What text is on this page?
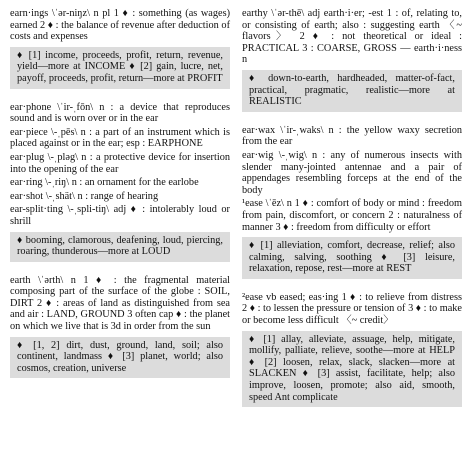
earn·ings \ˈər-niŋz\ n pl 1 ♦ : something (as wages) earned 2 ♦ : the balance of revenue after deduction of costs and expenses
♦ [1] income, proceeds, profit, return, revenue, yield—more at INCOME ♦ [2] gain, lucre, net, payoff, proceeds, profit, return—more at PROFIT
ear·phone \ˈir-ˌfōn\ n : a device that reproduces sound and is worn over or in the ear
ear·piece \-ˌpēs\ n : a part of an instrument which is placed against or in the ear; esp : EARPHONE
ear·plug \-ˌpləg\ n : a protective device for insertion into the opening of the ear
ear·ring \-ˌriŋ\ n : an ornament for the earlobe
ear·shot \-ˌshät\ n : range of hearing
ear-split·ting \-ˌspli-tiŋ\ adj ♦ : intolerably loud or shrill
♦ booming, clamorous, deafening, loud, piercing, roaring, thunderous—more at LOUD
earth \ˈərth\ n 1 ♦ : the fragmental material composing part of the surface of the globe : SOIL, DIRT 2 ♦ : areas of land as distinguished from sea and air : LAND, GROUND 3 often cap ♦ : the planet on which we live that is 3d in order from the sun
♦ [1, 2] dirt, dust, ground, land, soil; also continent, landmass ♦ [3] planet, world; also cosmos, creation, universe
earthy \ˈər-thē\ adj earth·i·er; -est 1 : of, relating to, or consisting of earth; also : suggesting earth 〈~ flavors〉 2 ♦ : not theoretical or ideal : PRACTICAL 3 : COARSE, GROSS — earth·i·ness n
♦ down-to-earth, hardheaded, matter-of-fact, practical, pragmatic, realistic—more at REALISTIC
ear·wax \ˈir-ˌwaks\ n : the yellow waxy secretion from the ear
ear·wig \-ˌwig\ n : any of numerous insects with slender many-jointed antennae and a pair of appendages resembling forceps at the end of the body
¹ease \ˈēz\ n 1 ♦ : comfort of body or mind : freedom from pain, discomfort, or concern 2 : naturalness of manner 3 ♦ : freedom from difficulty or effort
♦ [1] alleviation, comfort, decrease, relief; also calming, salving, soothing ♦ [3] leisure, relaxation, repose, rest—more at REST
²ease vb eased; eas·ing 1 ♦ : to relieve from distress 2 ♦ : to lessen the pressure or tension of 3 ♦ : to make or become less difficult 〈~ credit〉
♦ [1] allay, alleviate, assuage, help, mitigate, mollify, palliate, relieve, soothe—more at HELP ♦ [2] loosen, relax, slack, slacken—more at SLACKEN ♦ [3] assist, facilitate, help; also improve, loosen, promote; also aid, smooth, speed Ant complicate
